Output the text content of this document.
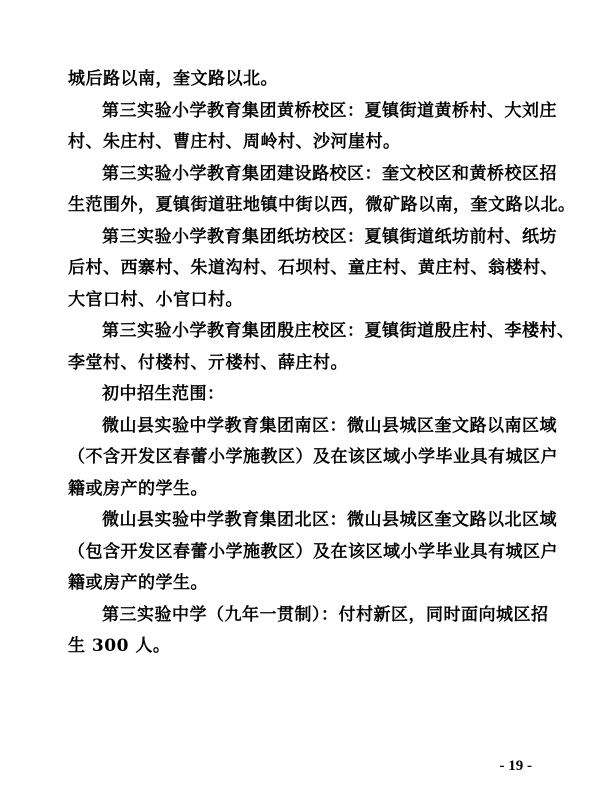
城后路以南，奎文路以北。
第三实验小学教育集团黄桥校区：夏镇街道黄桥村、大刘庄
村、朱庄村、曹庄村、周岭村、沙河崖村。
第三实验小学教育集团建设路校区：奎文校区和黄桥校区招
生范围外，夏镇街道驻地镇中街以西，微矿路以南，奎文路以北。
第三实验小学教育集团纸坊校区：夏镇街道纸坊前村、纸坊
后村、西寨村、朱道沟村、石坝村、童庄村、黄庄村、翁楼村、
大官口村、小官口村。
第三实验小学教育集团殷庄校区：夏镇街道殷庄村、李楼村、
李堂村、付楼村、亓楼村、薛庄村。
初中招生范围：
微山县实验中学教育集团南区：微山县城区奎文路以南区域
（不含开发区春蕾小学施教区）及在该区域小学毕业具有城区户
籍或房产的学生。
微山县实验中学教育集团北区：微山县城区奎文路以北区域
（包含开发区春蕾小学施教区）及在该区域小学毕业具有城区户
籍或房产的学生。
第三实验中学（九年一贯制）：付村新区，同时面向城区招
生 300 人。
- 19 -
